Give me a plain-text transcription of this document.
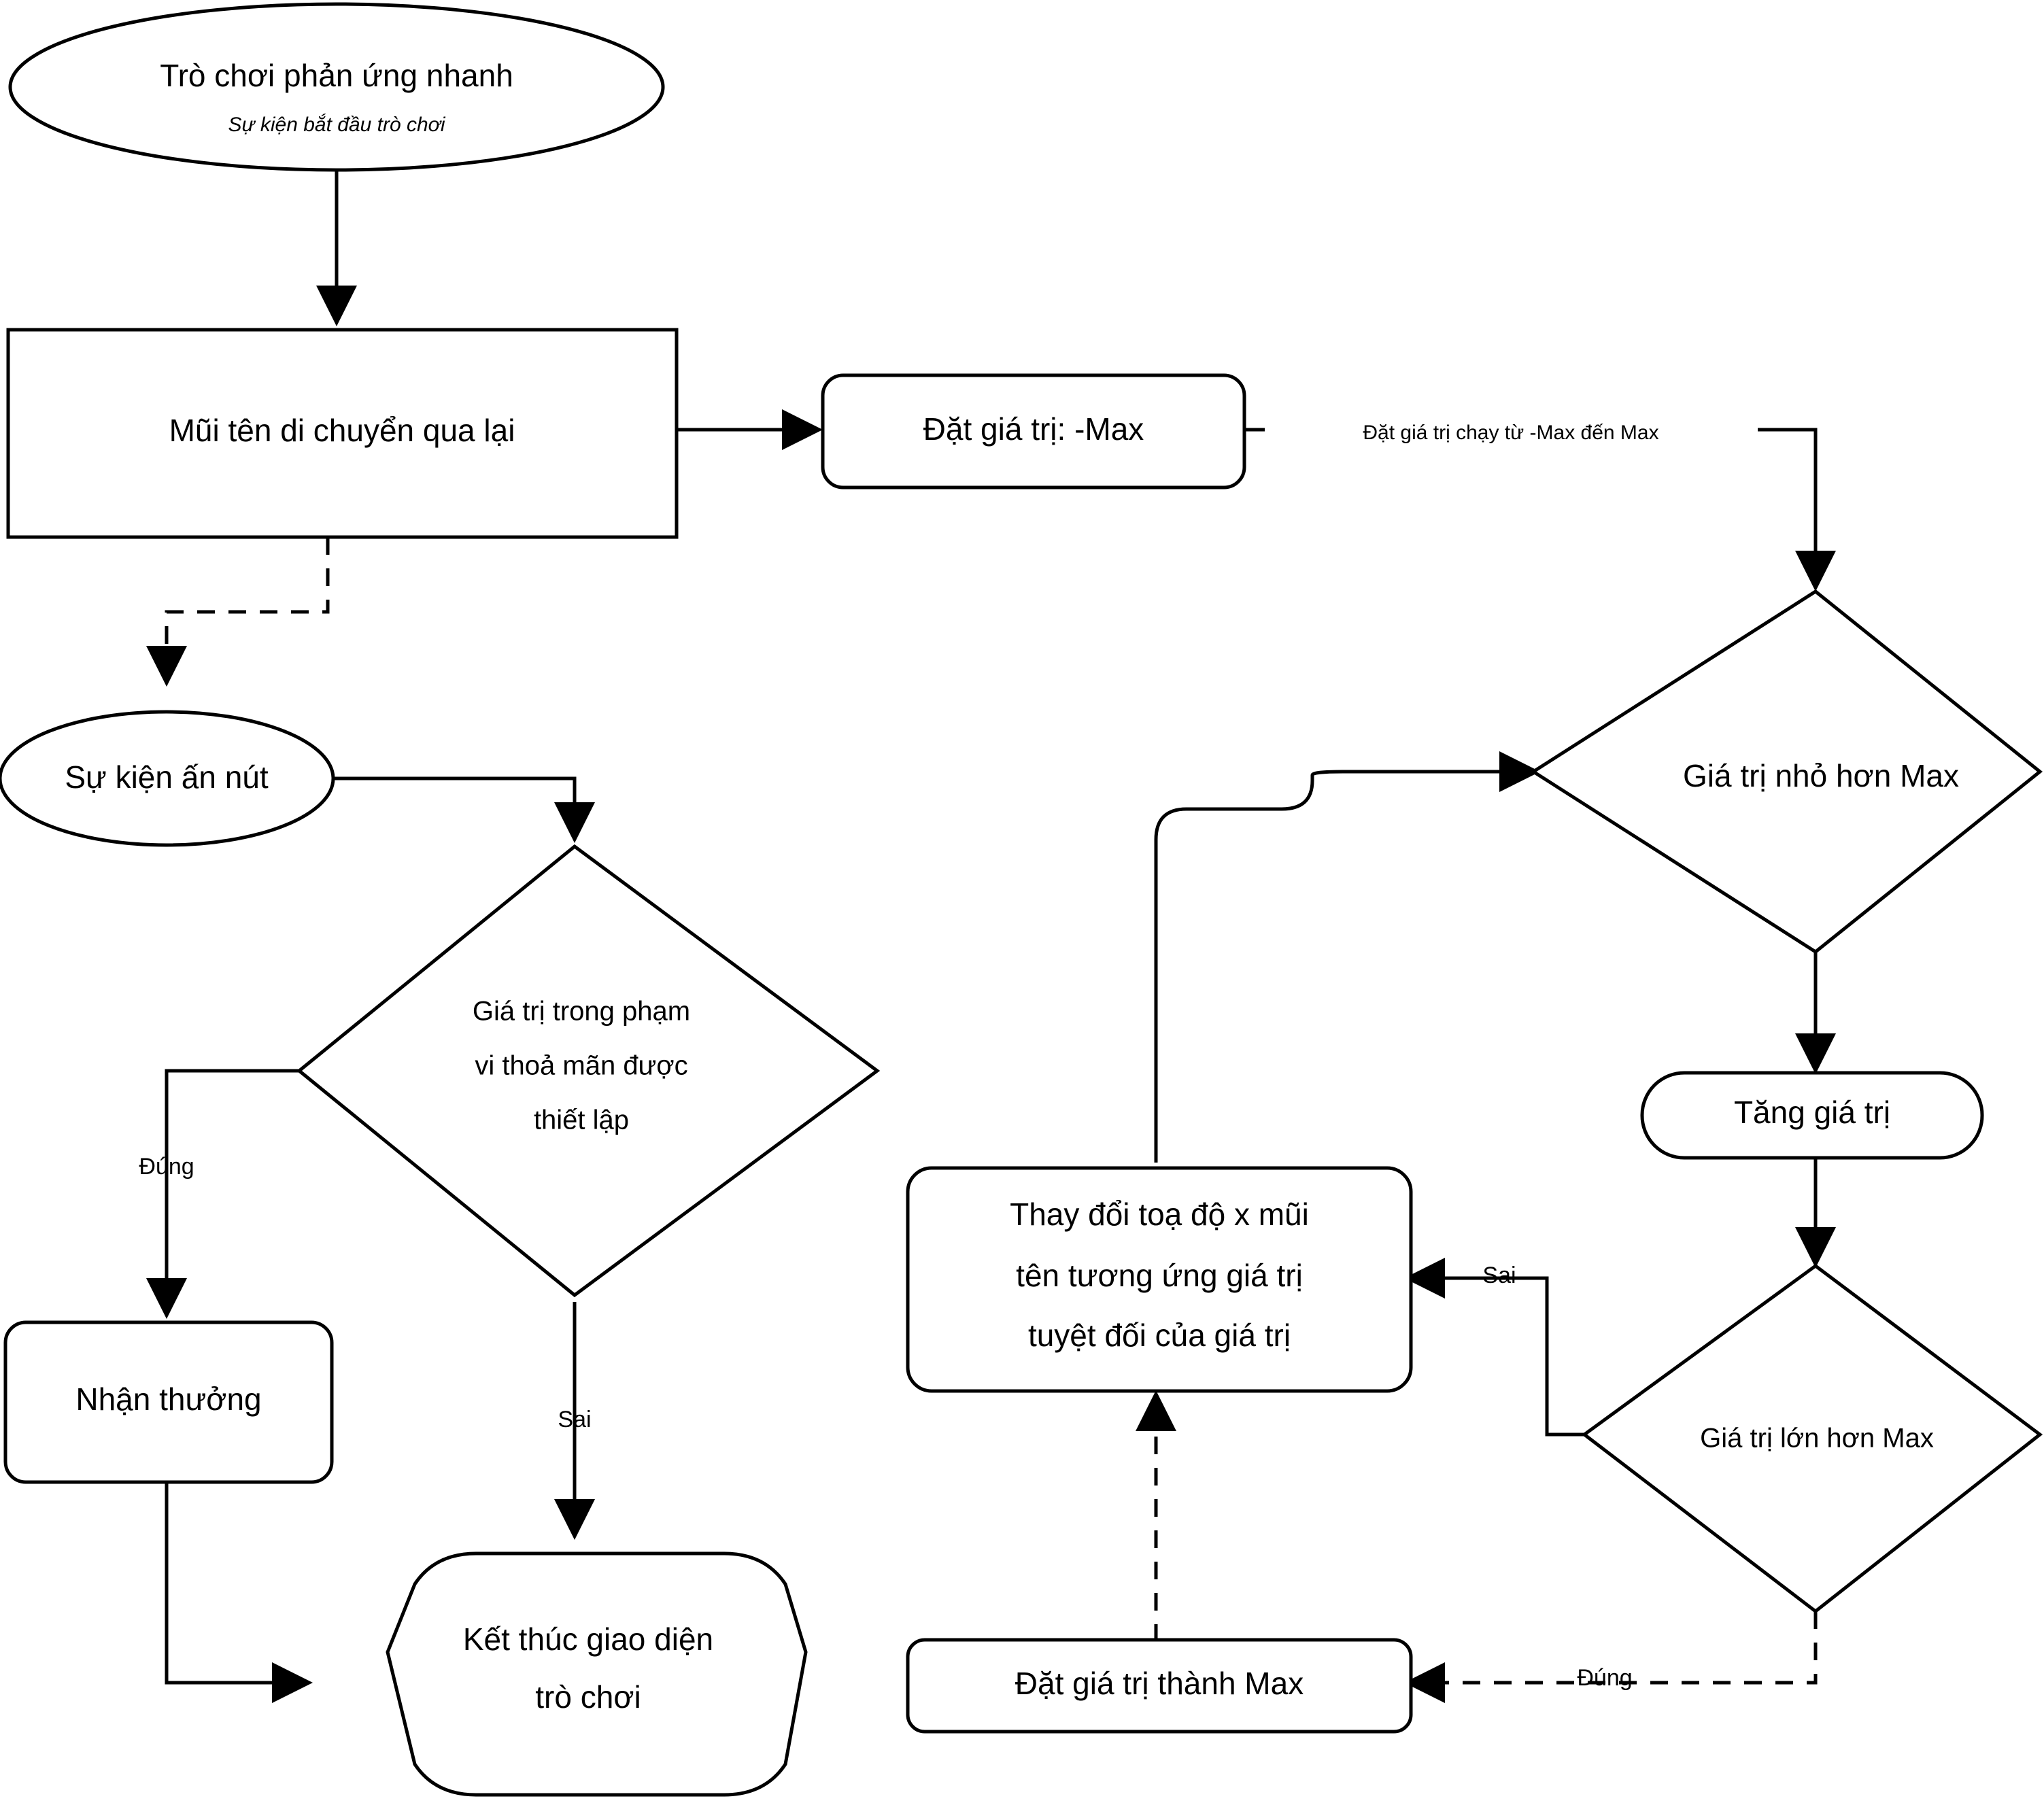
Trò chơi phản ứng nhanh
Sự kiện bắt đầu trò chơi
Mũi tên di chuyển qua lại	Đặt giá trị: -Max	Đặt giá trị chạy từ -Max đến Max
Sự kiện ấn nút
Giá trị trong phạm
vi thoả mãn được
thiết lập
Đúng
Sai
Nhận thưởng
Kết thúc giao diện
trò chơi
Giá trị nhỏ hơn Max
Tăng giá trị
Giá trị lớn hơn Max
Sai
Đúng
Thay đổi toạ độ x mũi
tên tương ứng giá trị
tuyệt đối của giá trị
Đặt giá trị thành Max
